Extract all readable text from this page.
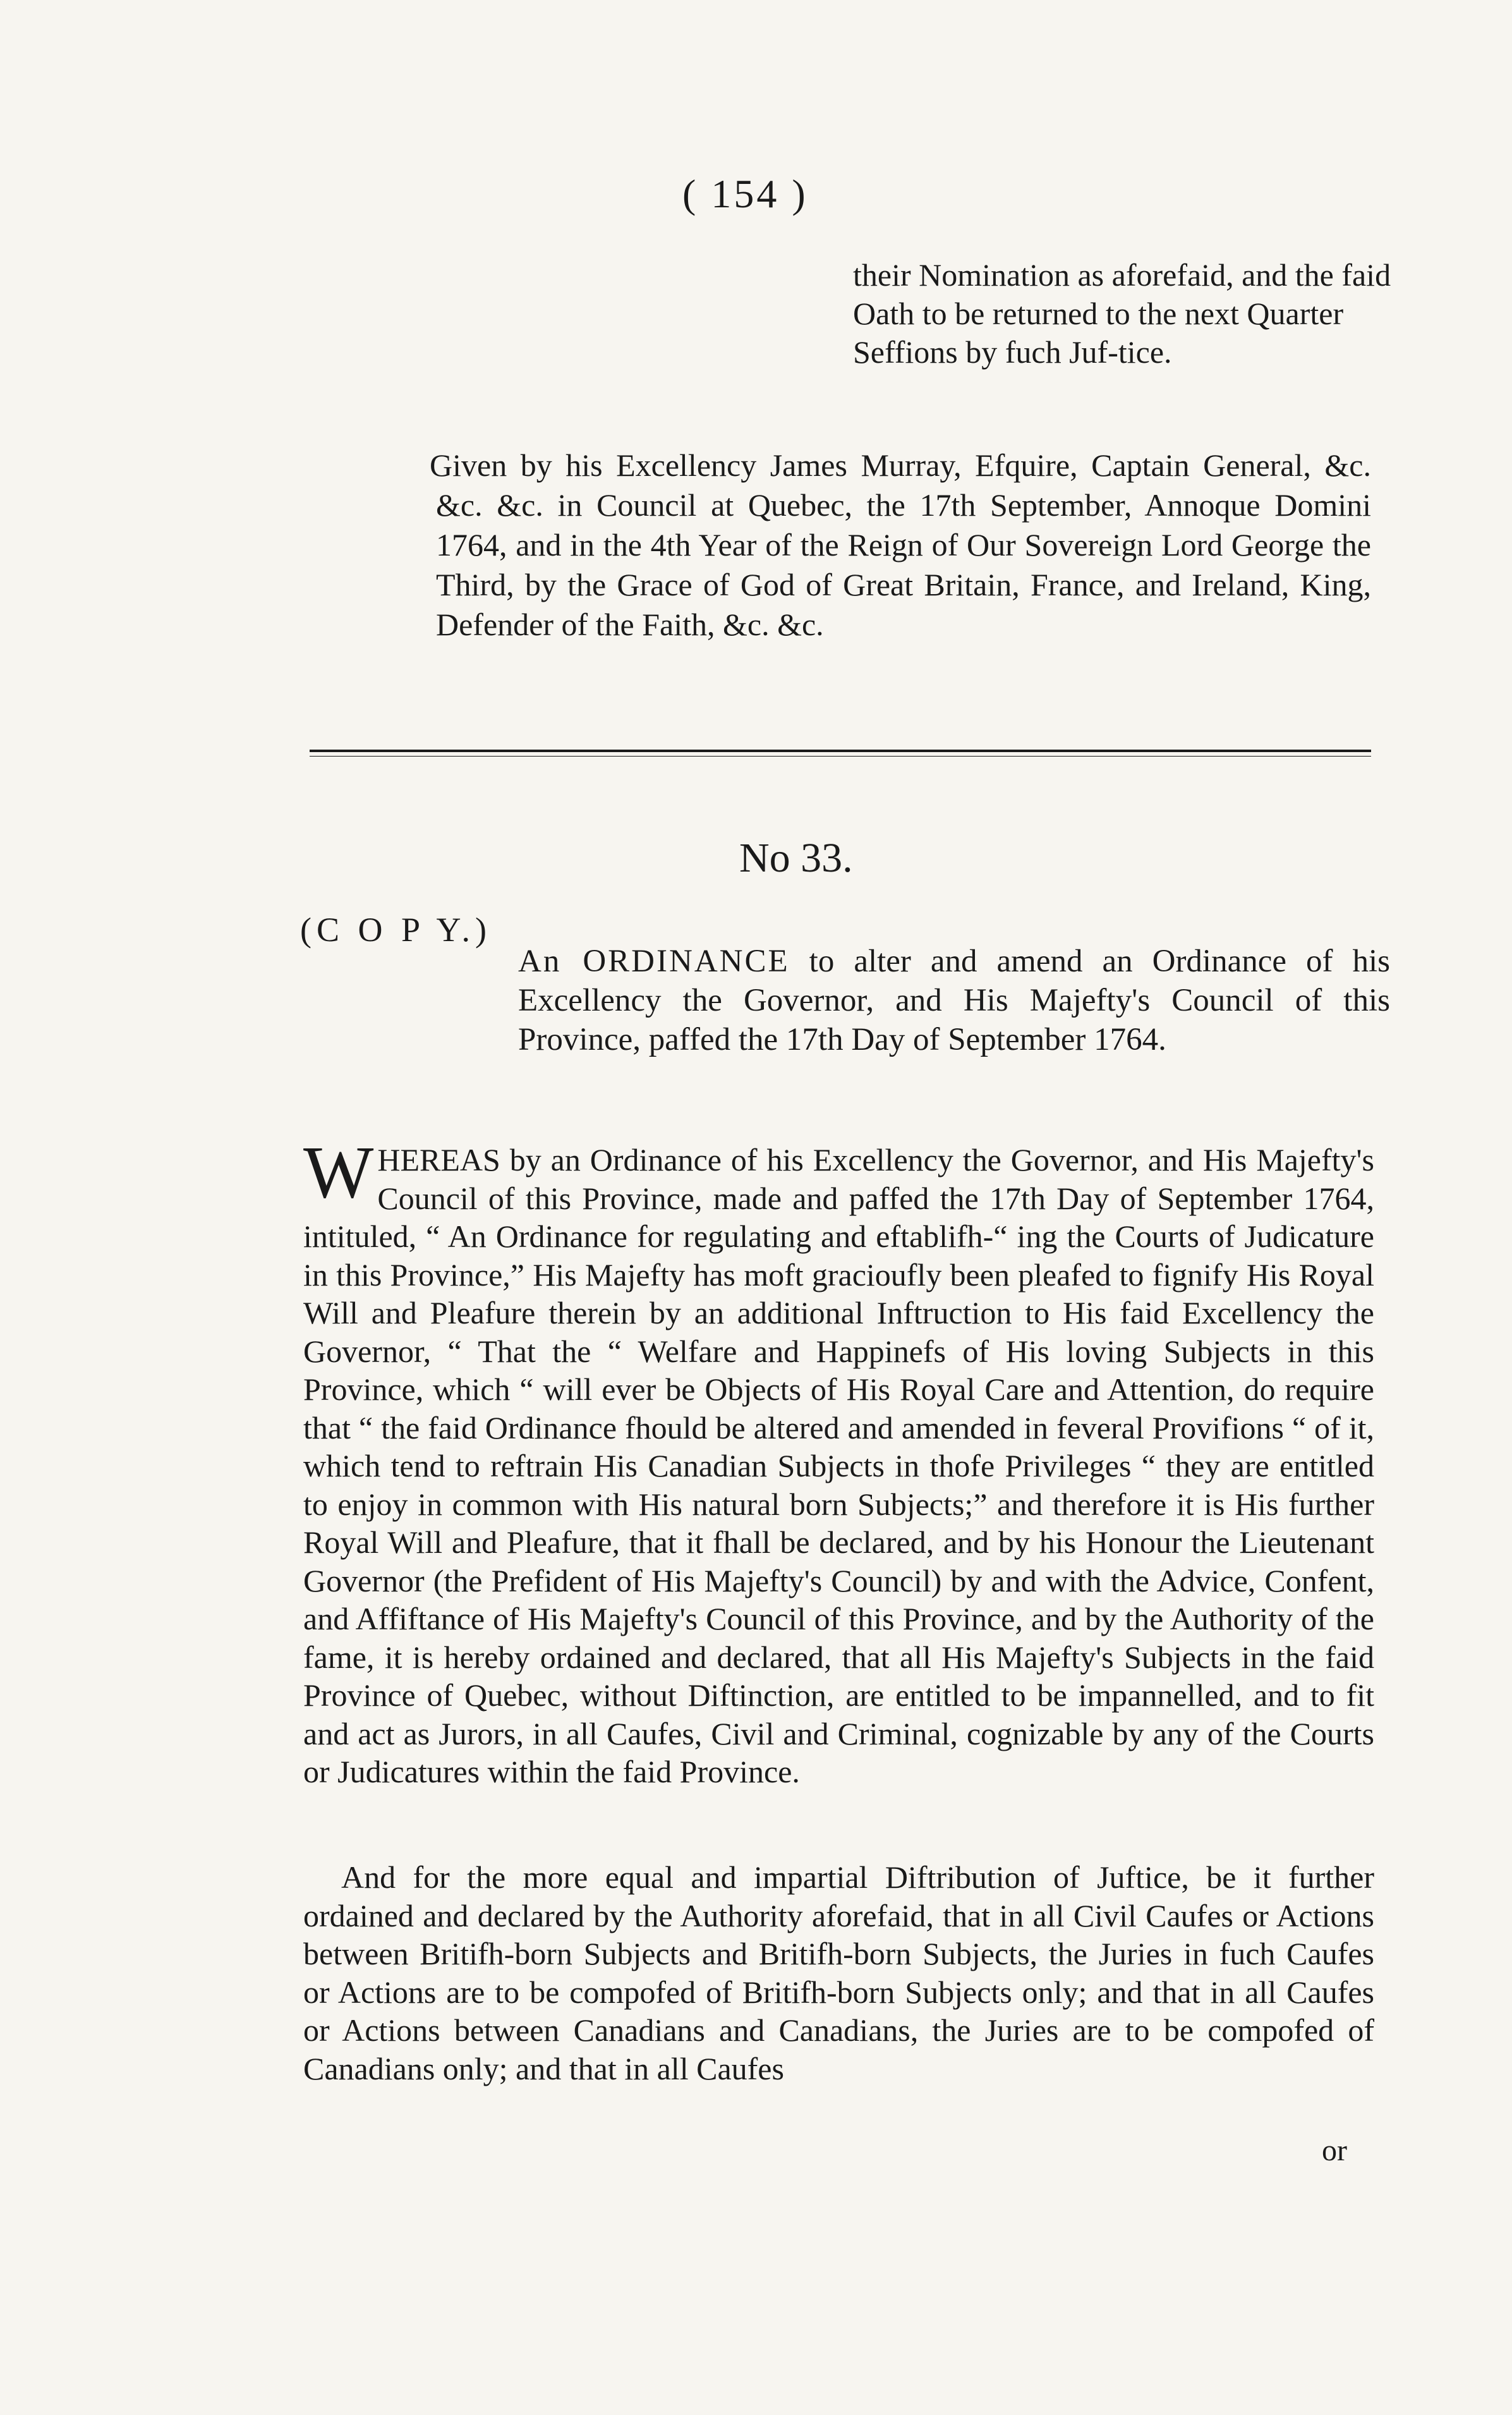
( 154 )
their Nomination as aforefaid, and the faid Oath to be returned to the next Quarter Seffions by fuch Juf-tice.
Given by his Excellency James Murray, Efquire, Captain General, &c. &c. &c. in Council at Quebec, the 17th September, Annoque Domini 1764, and in the 4th Year of the Reign of Our Sovereign Lord George the Third, by the Grace of God of Great Britain, France, and Ireland, King, Defender of the Faith, &c. &c.
No 33.
(C O P Y.)
An ORDINANCE to alter and amend an Ordinance of his Excellency the Governor, and His Majefty's Council of this Province, paffed the 17th Day of September 1764.
W HEREAS by an Ordinance of his Excellency the Governor, and His Majefty's Council of this Province, made and paffed the 17th Day of September 1764, intituled, “ An Ordinance for regulating and eftablifh-“ ing the Courts of Judicature in this Province,” His Majefty has moft gracioufly been pleafed to fignify His Royal Will and Pleafure therein by an additional Inftruction to His faid Excellency the Governor, “ That the “ Welfare and Happinefs of His loving Subjects in this Province, which “ will ever be Objects of His Royal Care and Attention, do require that “ the faid Ordinance fhould be altered and amended in feveral Provifions “ of it, which tend to reftrain His Canadian Subjects in thofe Privileges “ they are entitled to enjoy in common with His natural born Subjects;” and therefore it is His further Royal Will and Pleafure, that it fhall be declared, and by his Honour the Lieutenant Governor (the Prefident of His Majefty's Council) by and with the Advice, Confent, and Affiftance of His Majefty's Council of this Province, and by the Authority of the fame, it is hereby ordained and declared, that all His Majefty's Subjects in the faid Province of Quebec, without Diftinction, are entitled to be impannelled, and to fit and act as Jurors, in all Caufes, Civil and Criminal, cognizable by any of the Courts or Judicatures within the faid Province.
And for the more equal and impartial Diftribution of Juftice, be it further ordained and declared by the Authority aforefaid, that in all Civil Caufes or Actions between Britifh-born Subjects and Britifh-born Subjects, the Juries in fuch Caufes or Actions are to be compofed of Britifh-born Subjects only; and that in all Caufes or Actions between Canadians and Canadians, the Juries are to be compofed of Canadians only; and that in all Caufes
or
